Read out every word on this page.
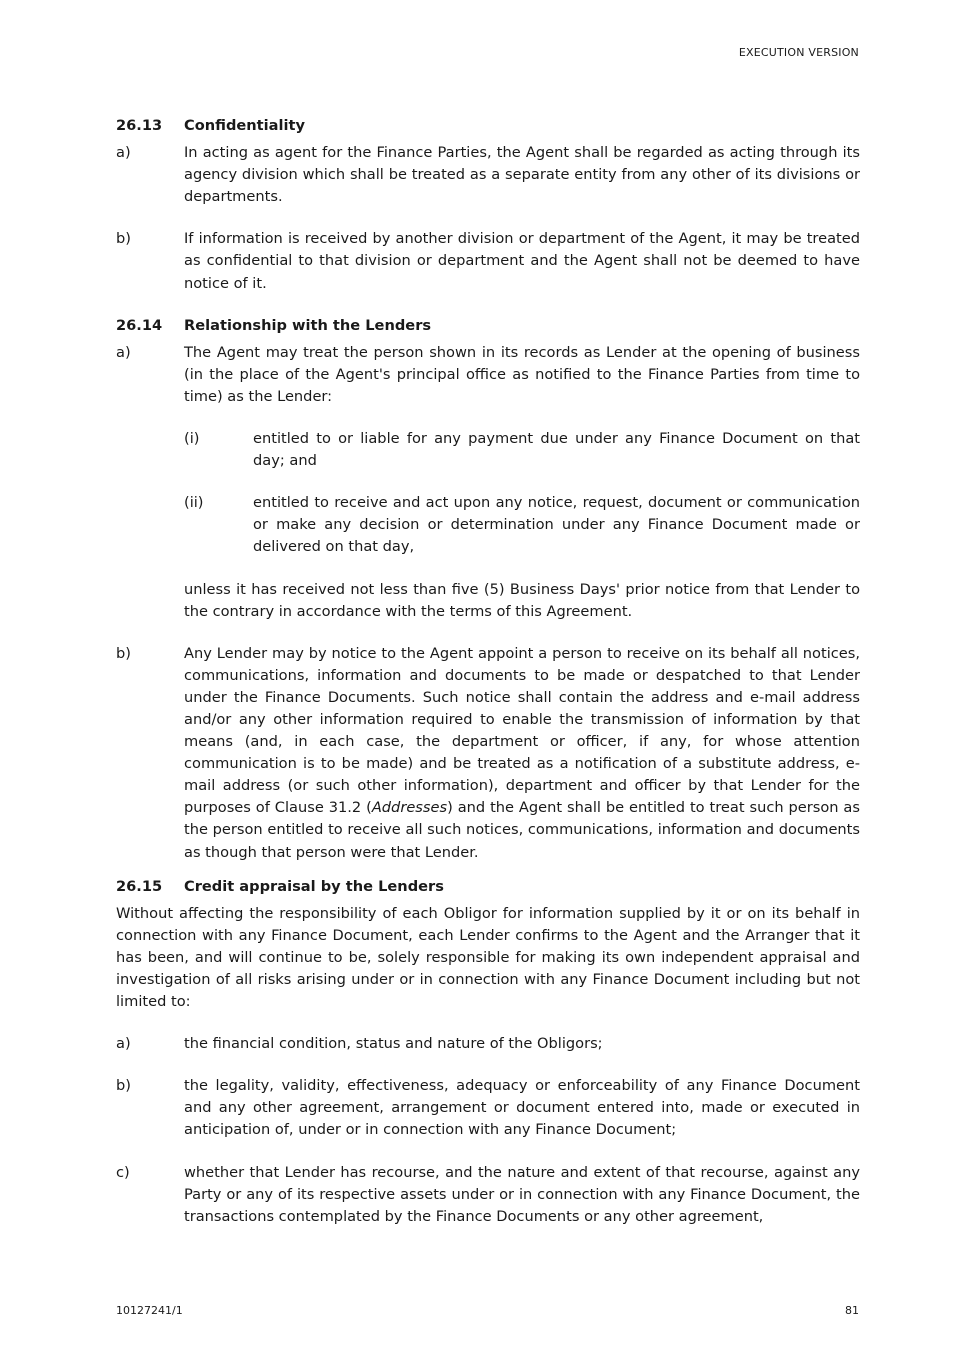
EXECUTION VERSION
26.13	Confidentiality
a)	In acting as agent for the Finance Parties, the Agent shall be regarded as acting through its agency division which shall be treated as a separate entity from any other of its divisions or departments.
b)	If information is received by another division or department of the Agent, it may be treated as confidential to that division or department and the Agent shall not be deemed to have notice of it.
26.14	Relationship with the Lenders
a)	The Agent may treat the person shown in its records as Lender at the opening of business (in the place of the Agent's principal office as notified to the Finance Parties from time to time) as the Lender:
(i)	entitled to or liable for any payment due under any Finance Document on that day; and
(ii)	entitled to receive and act upon any notice, request, document or communication or make any decision or determination under any Finance Document made or delivered on that day,
unless it has received not less than five (5) Business Days' prior notice from that Lender to the contrary in accordance with the terms of this Agreement.
b)	Any Lender may by notice to the Agent appoint a person to receive on its behalf all notices, communications, information and documents to be made or despatched to that Lender under the Finance Documents. Such notice shall contain the address and e-mail address and/or any other information required to enable the transmission of information by that means (and, in each case, the department or officer, if any, for whose attention communication is to be made) and be treated as a notification of a substitute address, e-mail address (or such other information), department and officer by that Lender for the purposes of Clause 31.2 (Addresses) and the Agent shall be entitled to treat such person as the person entitled to receive all such notices, communications, information and documents as though that person were that Lender.
26.15	Credit appraisal by the Lenders
Without affecting the responsibility of each Obligor for information supplied by it or on its behalf in connection with any Finance Document, each Lender confirms to the Agent and the Arranger that it has been, and will continue to be, solely responsible for making its own independent appraisal and investigation of all risks arising under or in connection with any Finance Document including but not limited to:
a)	the financial condition, status and nature of the Obligors;
b)	the legality, validity, effectiveness, adequacy or enforceability of any Finance Document and any other agreement, arrangement or document entered into, made or executed in anticipation of, under or in connection with any Finance Document;
c)	whether that Lender has recourse, and the nature and extent of that recourse, against any Party or any of its respective assets under or in connection with any Finance Document, the transactions contemplated by the Finance Documents or any other agreement,
10127241/1	81
